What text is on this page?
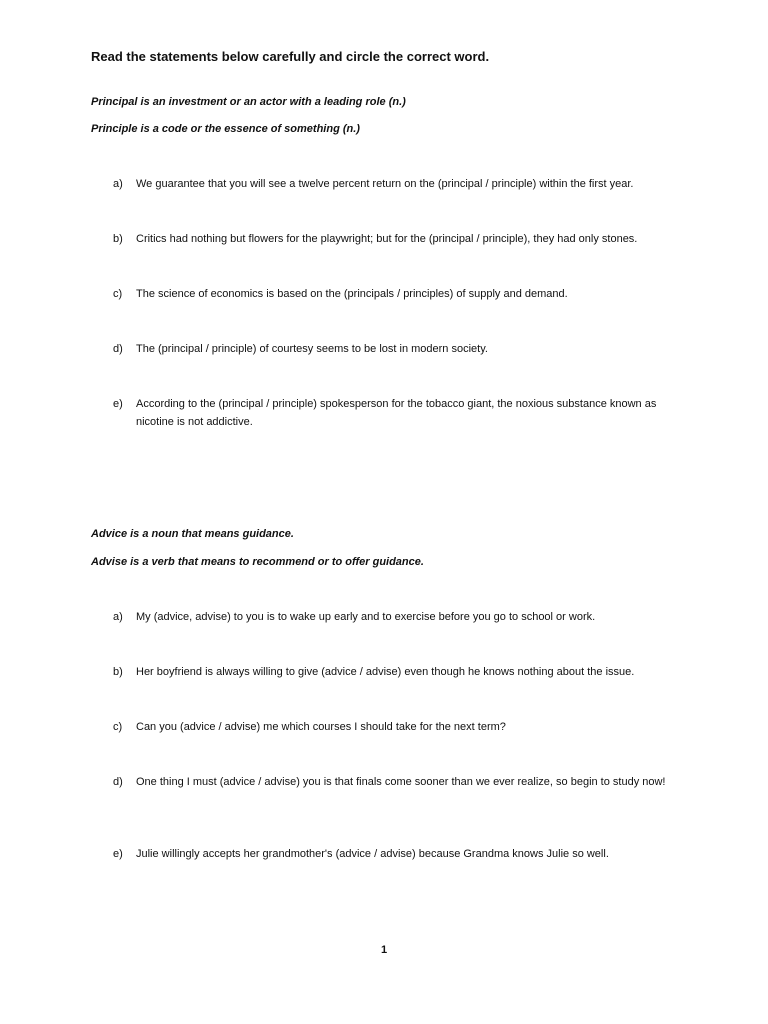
Read the statements below carefully and circle the correct word.
Principal is an investment or an actor with a leading role (n.)
Principle is a code or the essence of something (n.)
a)	We guarantee that you will see a twelve percent return on the (principal / principle) within the first year.
b)	Critics had nothing but flowers for the playwright; but for the (principal / principle), they had only stones.
c)	The science of economics is based on the (principals / principles) of supply and demand.
d)	The (principal / principle) of courtesy seems to be lost in modern society.
e)	According to the (principal / principle) spokesperson for the tobacco giant, the noxious substance known as nicotine is not addictive.
Advice is a noun that means guidance.
Advise is a verb that means to recommend or to offer guidance.
a)	My (advice, advise) to you is to wake up early and to exercise before you go to school or work.
b)	Her boyfriend is always willing to give (advice / advise) even though he knows nothing about the issue.
c)	Can you (advice / advise) me which courses I should take for the next term?
d)	One thing I must (advice / advise) you is that finals come sooner than we ever realize, so begin to study now!
e)	Julie willingly accepts her grandmother's (advice / advise) because Grandma knows Julie so well.
1
